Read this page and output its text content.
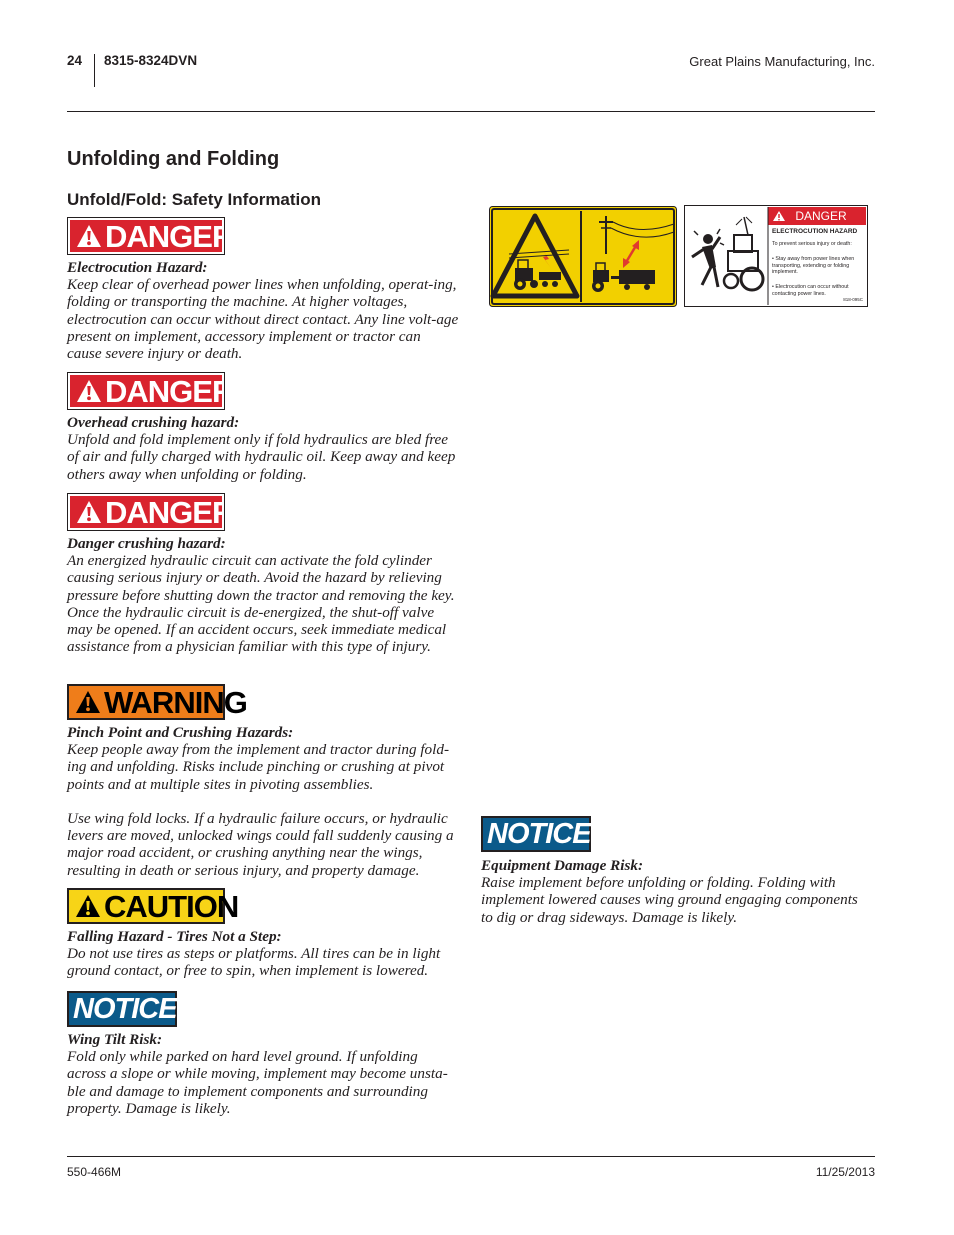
24 8315-8324DVN	Great Plains Manufacturing, Inc.
Unfolding and Folding
Unfold/Fold: Safety Information
DANGER
Electrocution Hazard:

Keep clear of overhead power lines when unfolding, operat-ing, folding or transporting the machine. At higher voltages, electrocution can occur without direct contact. Any line volt-age present on implement, accessory implement or tractor can cause severe injury or death.

DANGER
Overhead crushing hazard:

Unfold and fold implement only if fold hydraulics are bled free of air and fully charged with hydraulic oil. Keep away and keep others away when unfolding or folding.

DANGER
Danger crushing hazard:

An energized hydraulic circuit can activate the fold cylinder causing serious injury or death. Avoid the hazard by relieving pressure before shutting down the tractor and removing the key. Once the hydraulic circuit is de-energized, the shut-off valve may be opened. If an accident occurs, seek immediate medical assistance from a physician familiar with this type of injury.

WARNING
Pinch Point and Crushing Hazards:

Keep people away from the implement and tractor during fold-ing and unfolding. Risks include pinching or crushing at pivot points and at multiple sites in pivoting assemblies.

Use wing fold locks. If a hydraulic failure occurs, or hydraulic levers are moved, unlocked wings could fall suddenly causing a major road accident, or crushing anything near the wings, resulting in death or serious injury, and property damage.

CAUTION
Falling Hazard - Tires Not a Step:

Do not use tires as steps or platforms. All tires can be in light ground contact, or free to spin, when implement is lowered.

NOTICE
Wing Tilt Risk:

Fold only while parked on hard level ground. If unfolding across a slope or while moving, implement may become unsta-ble and damage to implement components and surrounding property. Damage is likely.

NOTICE
Equipment Damage Risk:

Raise implement before unfolding or folding. Folding with implement lowered causes wing ground engaging components to dig or drag sideways. Damage is likely.

DANGER
ELECTROCUTION HAZARD
To prevent serious injury or death:
• Stay away from power lines when transporting, extending or folding implement.
• Electrocution can occur without contacting power lines.
818-095C
550-466M	11/25/2013
